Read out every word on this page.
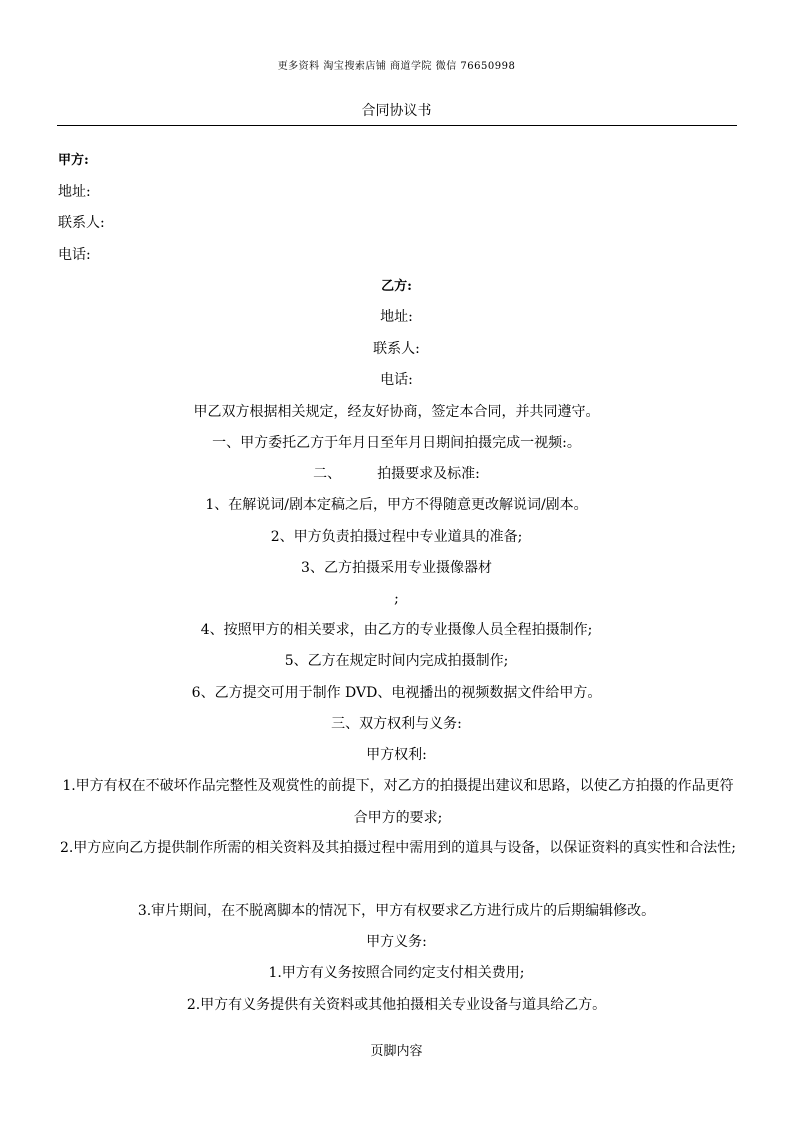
更多资料 淘宝搜索店铺 商道学院 微信 76650998
合同协议书
甲方:
地址:
联系人:
电话:
乙方:
地址:
联系人:
电话:
甲乙双方根据相关规定，经友好协商，签定本合同，并共同遵守。
一、甲方委托乙方于年月日至年月日期间拍摄完成一视频:。
二、	拍摄要求及标准:
1、在解说词/剧本定稿之后，甲方不得随意更改解说词/剧本。
2、甲方负责拍摄过程中专业道具的准备;
3、乙方拍摄采用专业摄像器材
;
4、按照甲方的相关要求，由乙方的专业摄像人员全程拍摄制作;
5、乙方在规定时间内完成拍摄制作;
6、乙方提交可用于制作 DVD、电视播出的视频数据文件给甲方。
三、双方权利与义务:
甲方权利:
1.甲方有权在不破坏作品完整性及观赏性的前提下，对乙方的拍摄提出建议和思路，以使乙方拍摄的作品更符合甲方的要求;
2.甲方应向乙方提供制作所需的相关资料及其拍摄过程中需用到的道具与设备，以保证资料的真实性和合法性;
3.审片期间，在不脱离脚本的情况下，甲方有权要求乙方进行成片的后期编辑修改。
甲方义务:
1.甲方有义务按照合同约定支付相关费用;
2.甲方有义务提供有关资料或其他拍摄相关专业设备与道具给乙方。
页脚内容
